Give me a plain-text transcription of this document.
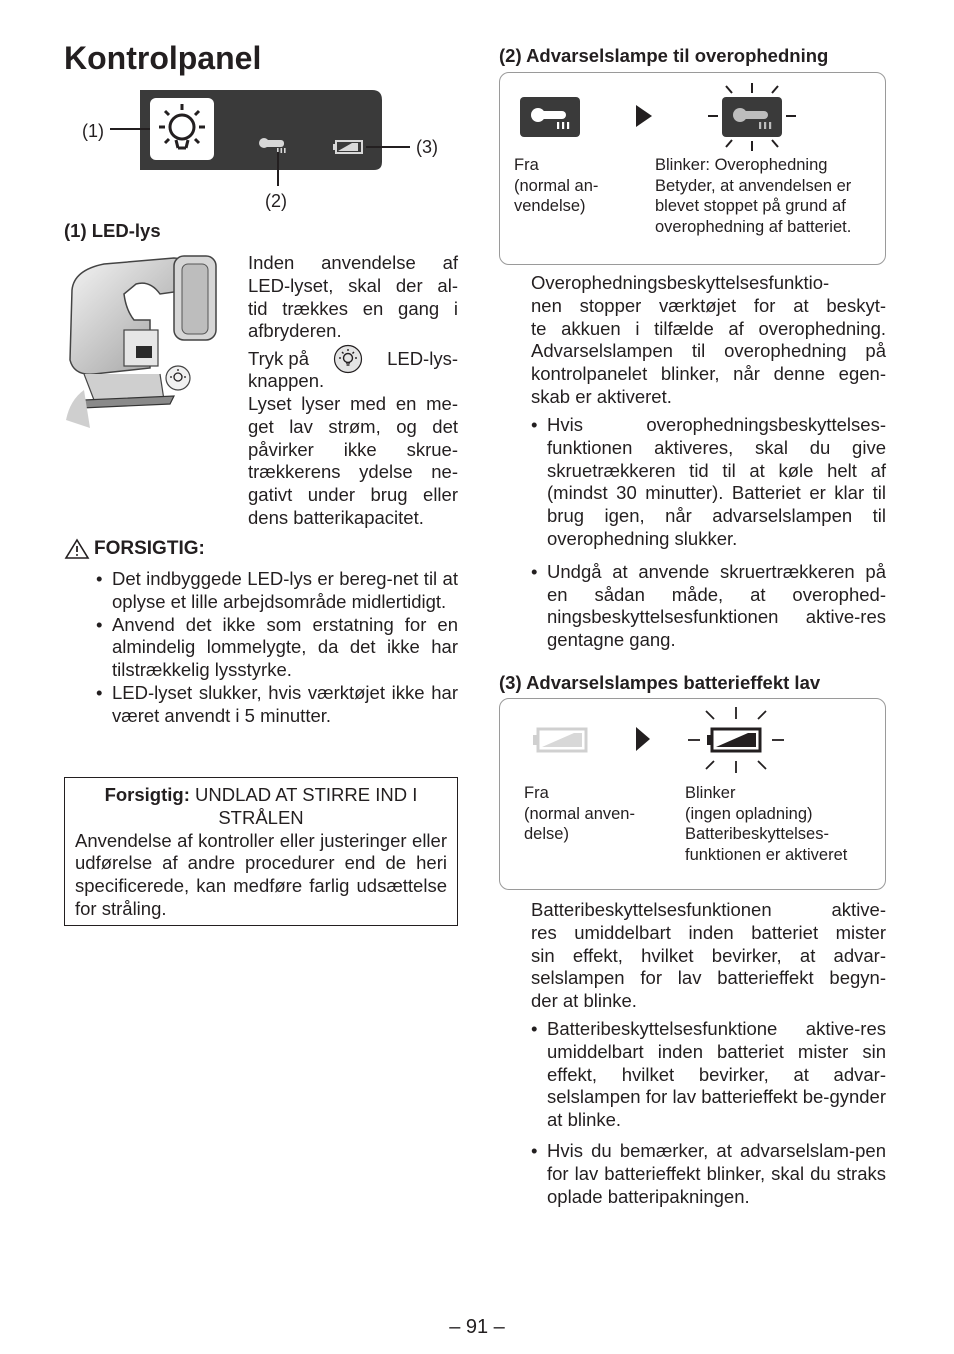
Kontrolpanel
(1)
(2)
(3)
(1) LED-lys
Inden anvendelse af
LED-lyset, skal der al-
tid trækkes en gang i
afbryderen.
Tryk på	LED-lys-
knappen.
Lyset lyser med en me-
get lav strøm, og det
påvirker ikke skrue-
trækkerens ydelse ne-
gativt under brug eller
dens batterikapacitet.
FORSIGTIG:
• Det indbyggede LED-lys er bereg-net til at oplyse et lille arbejdsområde midlertidigt.
• Anvend det ikke som erstatning for en almindelig lommelygte, da det ikke har tilstrækkelig lysstyrke.
• LED-lyset slukker, hvis værktøjet ikke har været anvendt i 5 minutter.
Forsigtig: UNDLAD AT STIRRE IND I
STRÅLEN
Anvendelse af kontroller eller justeringer eller udførelse af andre procedurer end de heri specificerede, kan medføre farlig udsættelse for stråling.
(2) Advarselslampe til overophedning
Fra
(normal an-
vendelse)
Blinker: Overophedning
Betyder, at anvendelsen er
blevet stoppet på grund af
overophedning af batteriet.
Overophedningsbeskyttelsesfunktio-
nen stopper værktøjet for at beskyt-
te akkuen i tilfælde af overophedning.
Advarselslampen til overophedning på
kontrolpanelet blinker, når denne egen-
skab er aktiveret.
• Hvis overophedningsbeskyttelses-funktionen aktiveres, skal du give skruetrækkeren tid til at køle helt af (mindst 30 minutter). Batteriet er klar til brug igen, når advarselslampen til overophedning slukker.
• Undgå at anvende skruertrækkeren på en sådan måde, at overophed-ningsbeskyttelsesfunktionen aktive-res gentagne gang.
(3) Advarselslampes batterieffekt lav
Fra
(normal anven-
delse)
Blinker
(ingen opladning)
Batteribeskyttelses-
funktionen er aktiveret
Batteribeskyttelsesfunktionen aktive-
res umiddelbart inden batteriet mister
sin effekt, hvilket bevirker, at advar-
selslampen for lav batterieffekt begyn-
der at blinke.
• Batteribeskyttelsesfunktione aktive-res umiddelbart inden batteriet mister sin effekt, hvilket bevirker, at advar-selslampen for lav batterieffekt be-gynder at blinke.
• Hvis du bemærker, at advarselslam-pen for lav batterieffekt blinker, skal du straks oplade batteripakningen.
– 91 –
